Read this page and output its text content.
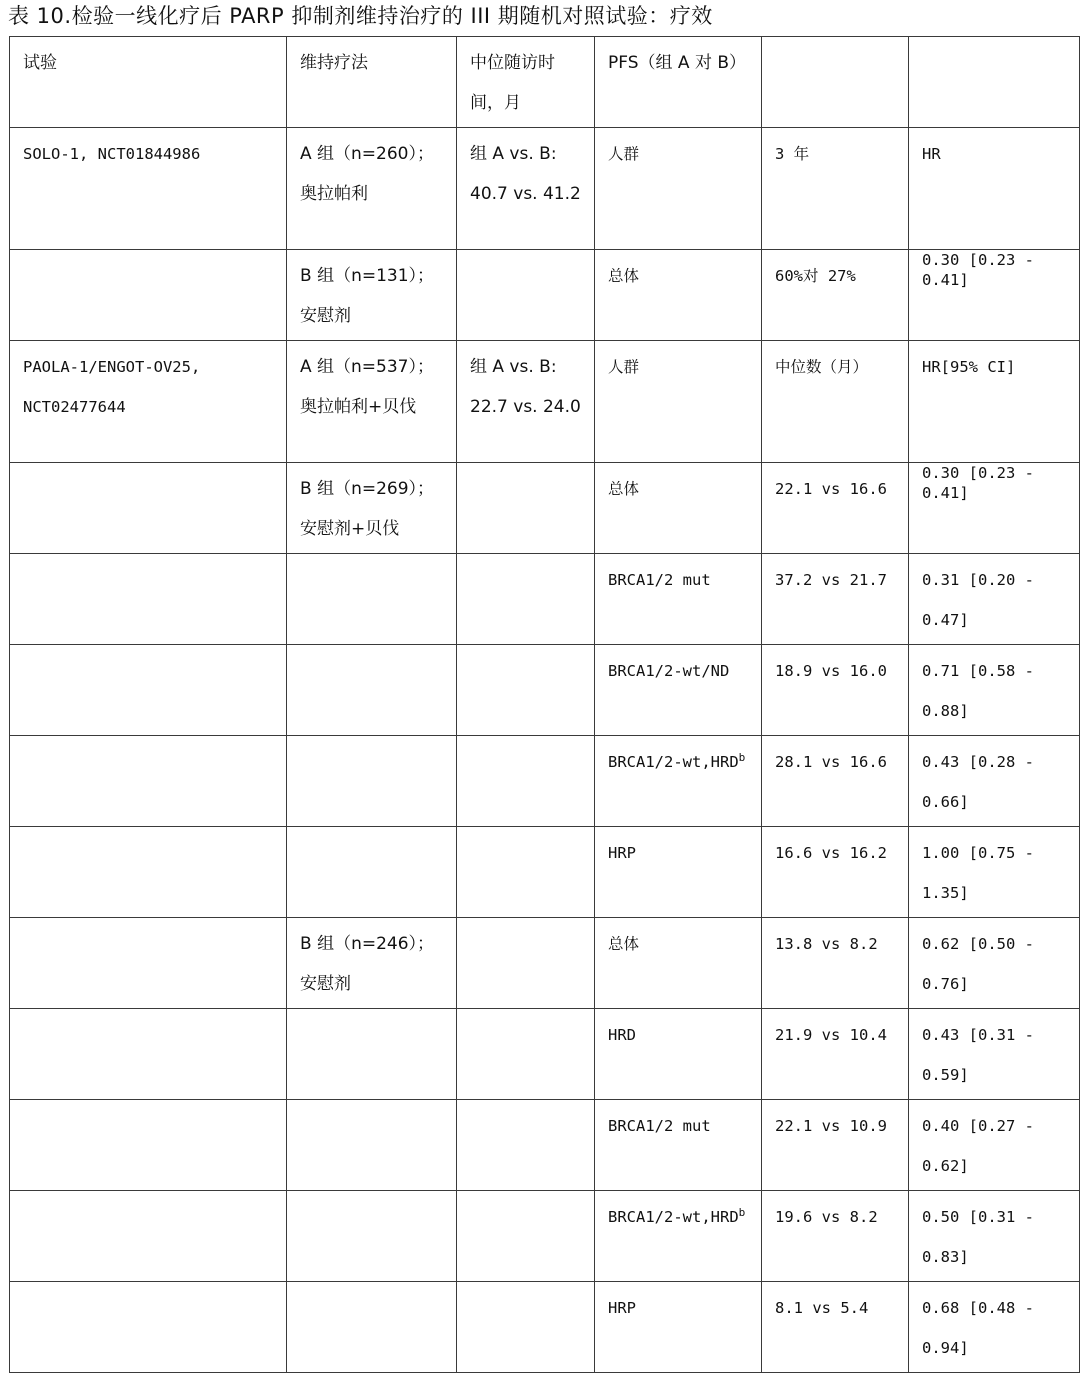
表 10.检验一线化疗后 PARP 抑制剂维持治疗的 III 期随机对照试验：疗效
试验	维持疗法	中位随访时间，月	PFS（组 A 对 B）		
SOLO-1, NCT01844986	A 组（n=260）；奥拉帕利	组 A vs. B: 40.7 vs. 41.2	人群	3 年	HR
	B 组（n=131）；安慰剂		总体	60%对 27%	0.30 [0.23 - 0.41]
PAOLA-1/ENGOT-OV25, NCT02477644	A 组（n=537）；奥拉帕利+贝伐	组 A vs. B: 22.7 vs. 24.0	人群	中位数（月）	HR[95% CI]
	B 组（n=269）；安慰剂+贝伐		总体	22.1 vs 16.6	0.30 [0.23 - 0.41]
			BRCA1/2 mut	37.2 vs 21.7	0.31 [0.20 - 0.47]
			BRCA1/2-wt/ND	18.9 vs 16.0	0.71 [0.58 - 0.88]
			BRCA1/2-wt,HRD$^b$	28.1 vs 16.6	0.43 [0.28 - 0.66]
			HRP	16.6 vs 16.2	1.00 [0.75 - 1.35]
	B 组（n=246）；安慰剂		总体	13.8 vs 8.2	0.62 [0.50 - 0.76]
			HRD	21.9 vs 10.4	0.43 [0.31 - 0.59]
			BRCA1/2 mut	22.1 vs 10.9	0.40 [0.27 - 0.62]
			BRCA1/2-wt,HRD$^b$	19.6 vs 8.2	0.50 [0.31 - 0.83]
			HRP	8.1 vs 5.4	0.68 [0.48 - 0.94]
